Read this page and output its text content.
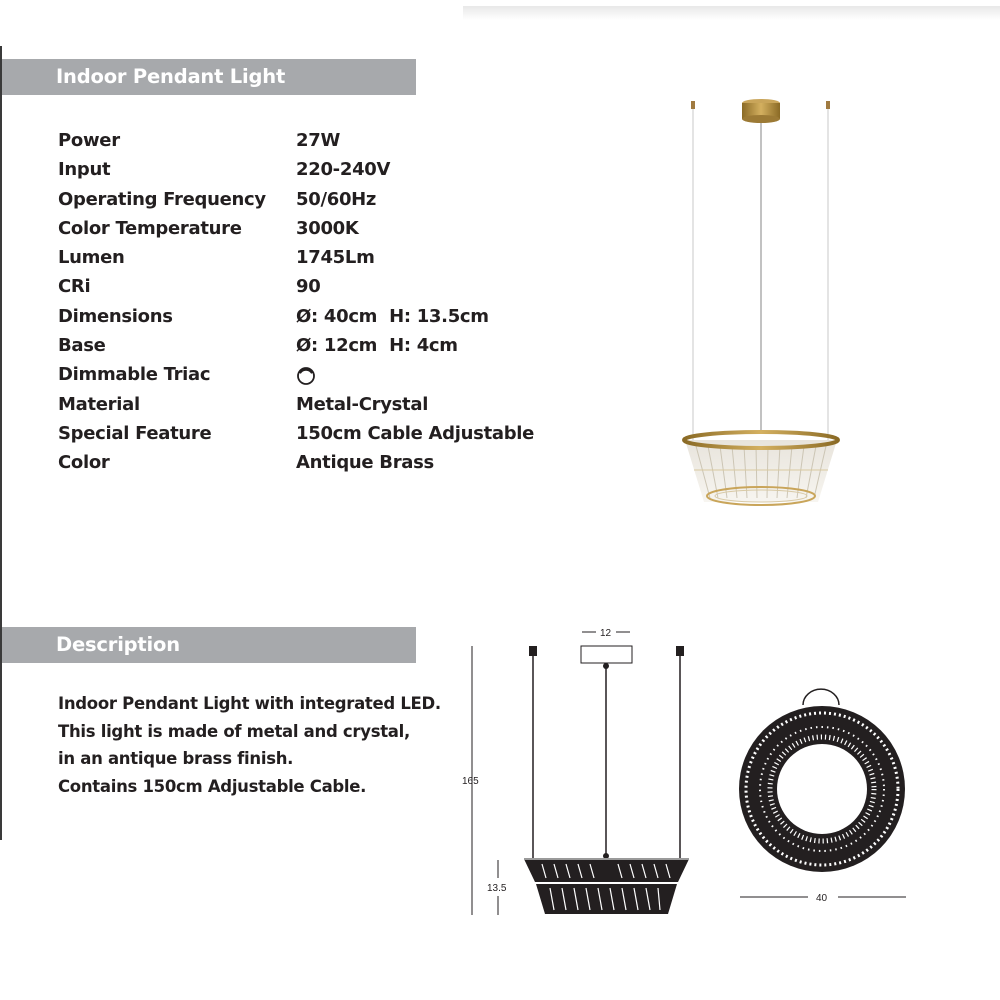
Indoor Pendant Light
Power	27W
Input	220-240V
Operating Frequency 50/60Hz
Color Temperature	3000K
Lumen	1745Lm
CRi	90
Dimensions	Ø: 40cm  H: 13.5cm
Base	Ø: 12cm  H: 4cm
Dimmable Triac
Material	Metal-Crystal
Special Feature	150cm Cable Adjustable
Color	Antique Brass
Description
Indoor Pendant Light with integrated LED.
This light is made of metal and crystal,
in an antique brass finish.
Contains 150cm Adjustable Cable.
12
165
13.5
40
